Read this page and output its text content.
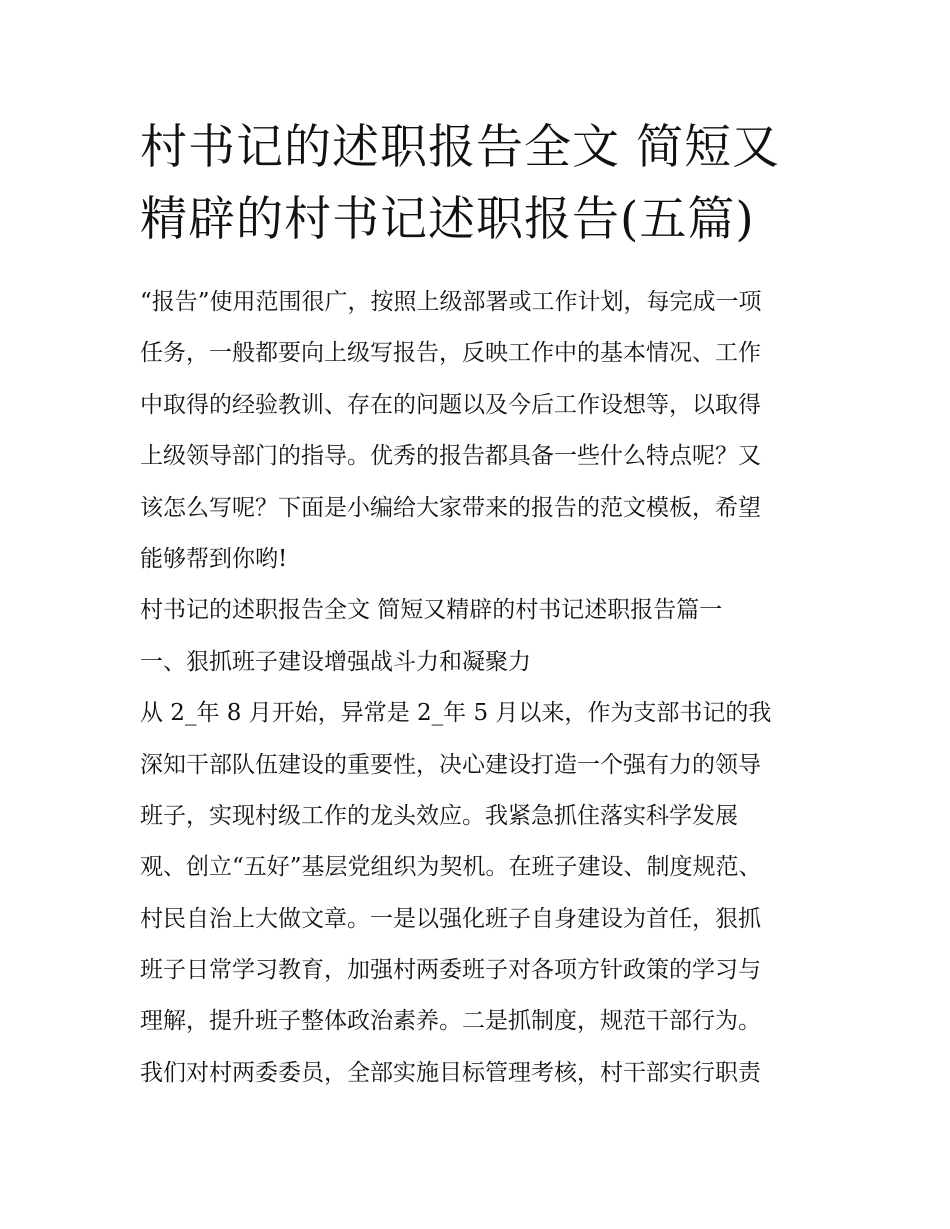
村书记的述职报告全文 简短又
精辟的村书记述职报告(五篇)
“报告”使用范围很广，按照上级部署或工作计划，每完成一项
任务，一般都要向上级写报告，反映工作中的基本情况、工作
中取得的经验教训、存在的问题以及今后工作设想等，以取得
上级领导部门的指导。优秀的报告都具备一些什么特点呢？又
该怎么写呢？下面是小编给大家带来的报告的范文模板，希望
能够帮到你哟!
村书记的述职报告全文 简短又精辟的村书记述职报告篇一
一、狠抓班子建设增强战斗力和凝聚力
从 2_年 8 月开始，异常是 2_年 5 月以来，作为支部书记的我
深知干部队伍建设的重要性，决心建设打造一个强有力的领导
班子，实现村级工作的龙头效应。我紧急抓住落实科学发展
观、创立“五好”基层党组织为契机。在班子建设、制度规范、
村民自治上大做文章。一是以强化班子自身建设为首任，狠抓
班子日常学习教育，加强村两委班子对各项方针政策的学习与
理解，提升班子整体政治素养。二是抓制度，规范干部行为。
我们对村两委委员，全部实施目标管理考核，村干部实行职责
